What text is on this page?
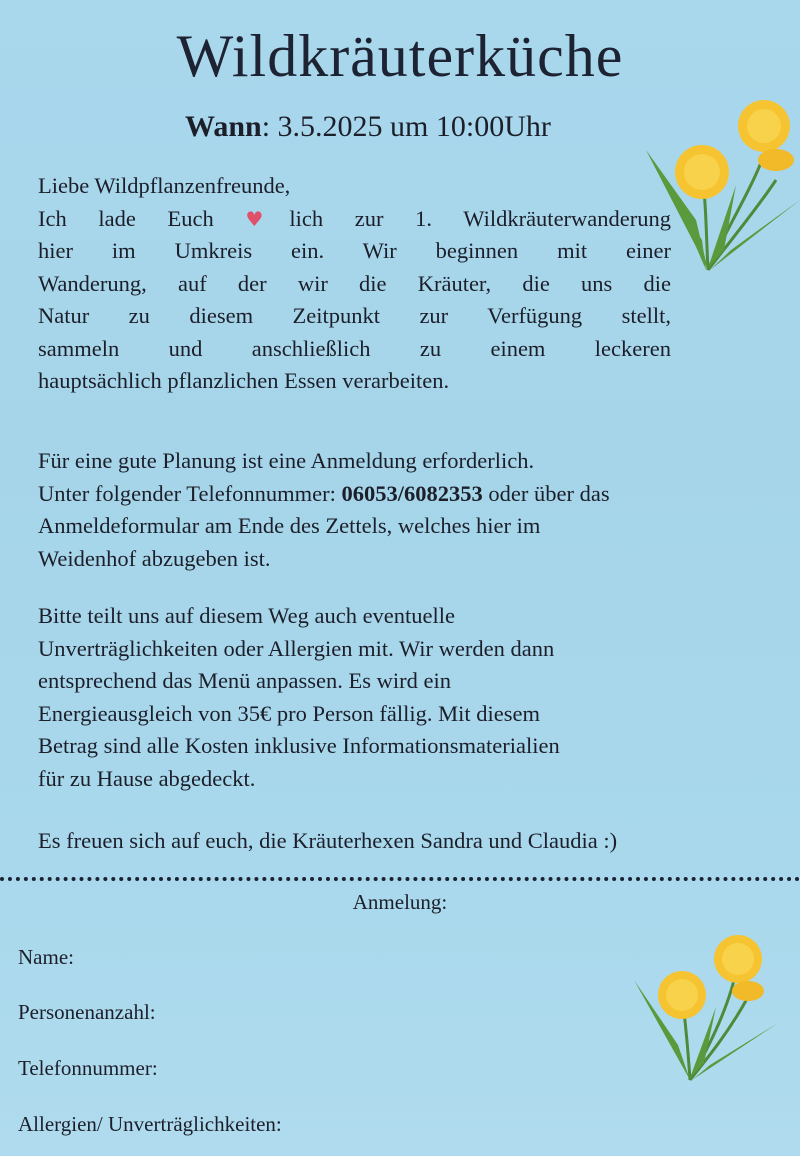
Wildkräuterküche
Wann: 3.5.2025 um 10:00Uhr
Liebe Wildpflanzenfreunde,
Ich lade Euch ♥lich zur 1. Wildkräuterwanderung
hier im Umkreis ein. Wir beginnen mit einer
Wanderung, auf der wir die Kräuter, die uns die
Natur zu diesem Zeitpunkt zur Verfügung stellt,
sammeln und anschließlich zu einem leckeren
hauptsächlich pflanzlichen Essen verarbeiten.
Für eine gute Planung ist eine Anmeldung erforderlich.
Unter folgender Telefonnummer: 06053/6082353 oder über das
Anmeldeformular am Ende des Zettels, welches hier im
Weidenhof abzugeben ist.
Bitte teilt uns auf diesem Weg auch eventuelle
Unverträglichkeiten oder Allergien mit. Wir werden dann
entsprechend das Menü anpassen. Es wird ein
Energieausgleich von 35€ pro Person fällig. Mit diesem
Betrag sind alle Kosten inklusive Informationsmaterialien
für zu Hause abgedeckt.
Es freuen sich auf euch, die Kräuterhexen Sandra und Claudia :)
Anmelung:
Name:
Personenanzahl:
Telefonnummer:
Allergien/ Unverträglichkeiten:
